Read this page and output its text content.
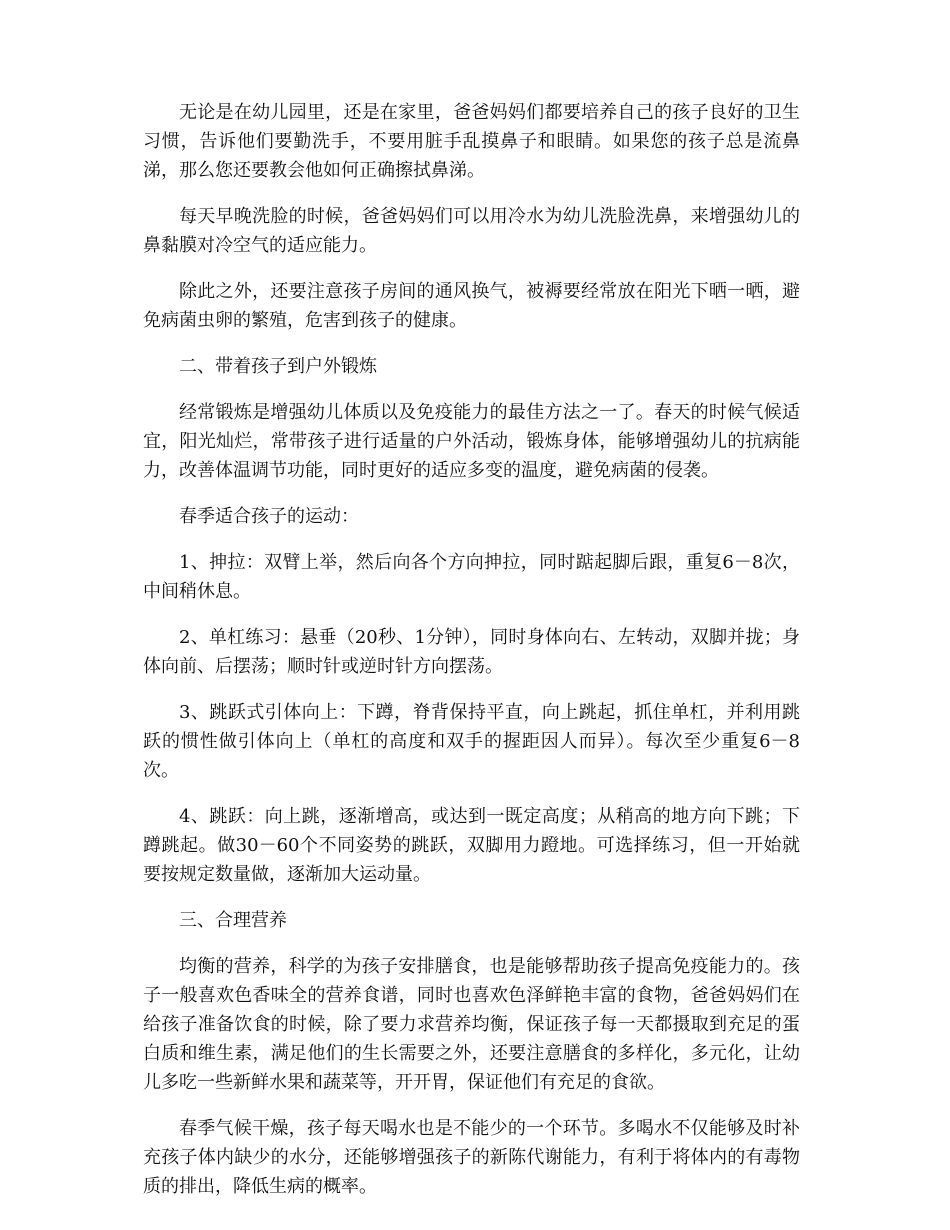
无论是在幼儿园里，还是在家里，爸爸妈妈们都要培养自己的孩子良好的卫生习惯，告诉他们要勤洗手，不要用脏手乱摸鼻子和眼睛。如果您的孩子总是流鼻涕，那么您还要教会他如何正确擦拭鼻涕。

每天早晚洗脸的时候，爸爸妈妈们可以用冷水为幼儿洗脸洗鼻，来增强幼儿的鼻黏膜对冷空气的适应能力。

除此之外，还要注意孩子房间的通风换气，被褥要经常放在阳光下晒一晒，避免病菌虫卵的繁殖，危害到孩子的健康。

二、带着孩子到户外锻炼

经常锻炼是增强幼儿体质以及免疫能力的最佳方法之一了。春天的时候气候适宜，阳光灿烂，常带孩子进行适量的户外活动，锻炼身体，能够增强幼儿的抗病能力，改善体温调节功能，同时更好的适应多变的温度，避免病菌的侵袭。

春季适合孩子的运动：

1、抻拉：双臂上举，然后向各个方向抻拉，同时踮起脚后跟，重复6－8次，中间稍休息。

2、单杠练习：悬垂（20秒、1分钟），同时身体向右、左转动，双脚并拢；身体向前、后摆荡；顺时针或逆时针方向摆荡。

3、跳跃式引体向上：下蹲，脊背保持平直，向上跳起，抓住单杠，并利用跳跃的惯性做引体向上（单杠的高度和双手的握距因人而异）。每次至少重复6－8次。

4、跳跃：向上跳，逐渐增高，或达到一既定高度；从稍高的地方向下跳；下蹲跳起。做30－60个不同姿势的跳跃，双脚用力蹬地。可选择练习，但一开始就要按规定数量做，逐渐加大运动量。

三、合理营养

均衡的营养，科学的为孩子安排膳食，也是能够帮助孩子提高免疫能力的。孩子一般喜欢色香味全的营养食谱，同时也喜欢色泽鲜艳丰富的食物，爸爸妈妈们在给孩子准备饮食的时候，除了要力求营养均衡，保证孩子每一天都摄取到充足的蛋白质和维生素，满足他们的生长需要之外，还要注意膳食的多样化，多元化，让幼儿多吃一些新鲜水果和蔬菜等，开开胃，保证他们有充足的食欲。

春季气候干燥，孩子每天喝水也是不能少的一个环节。多喝水不仅能够及时补充孩子体内缺少的水分，还能够增强孩子的新陈代谢能力，有利于将体内的有毒物质的排出，降低生病的概率。
